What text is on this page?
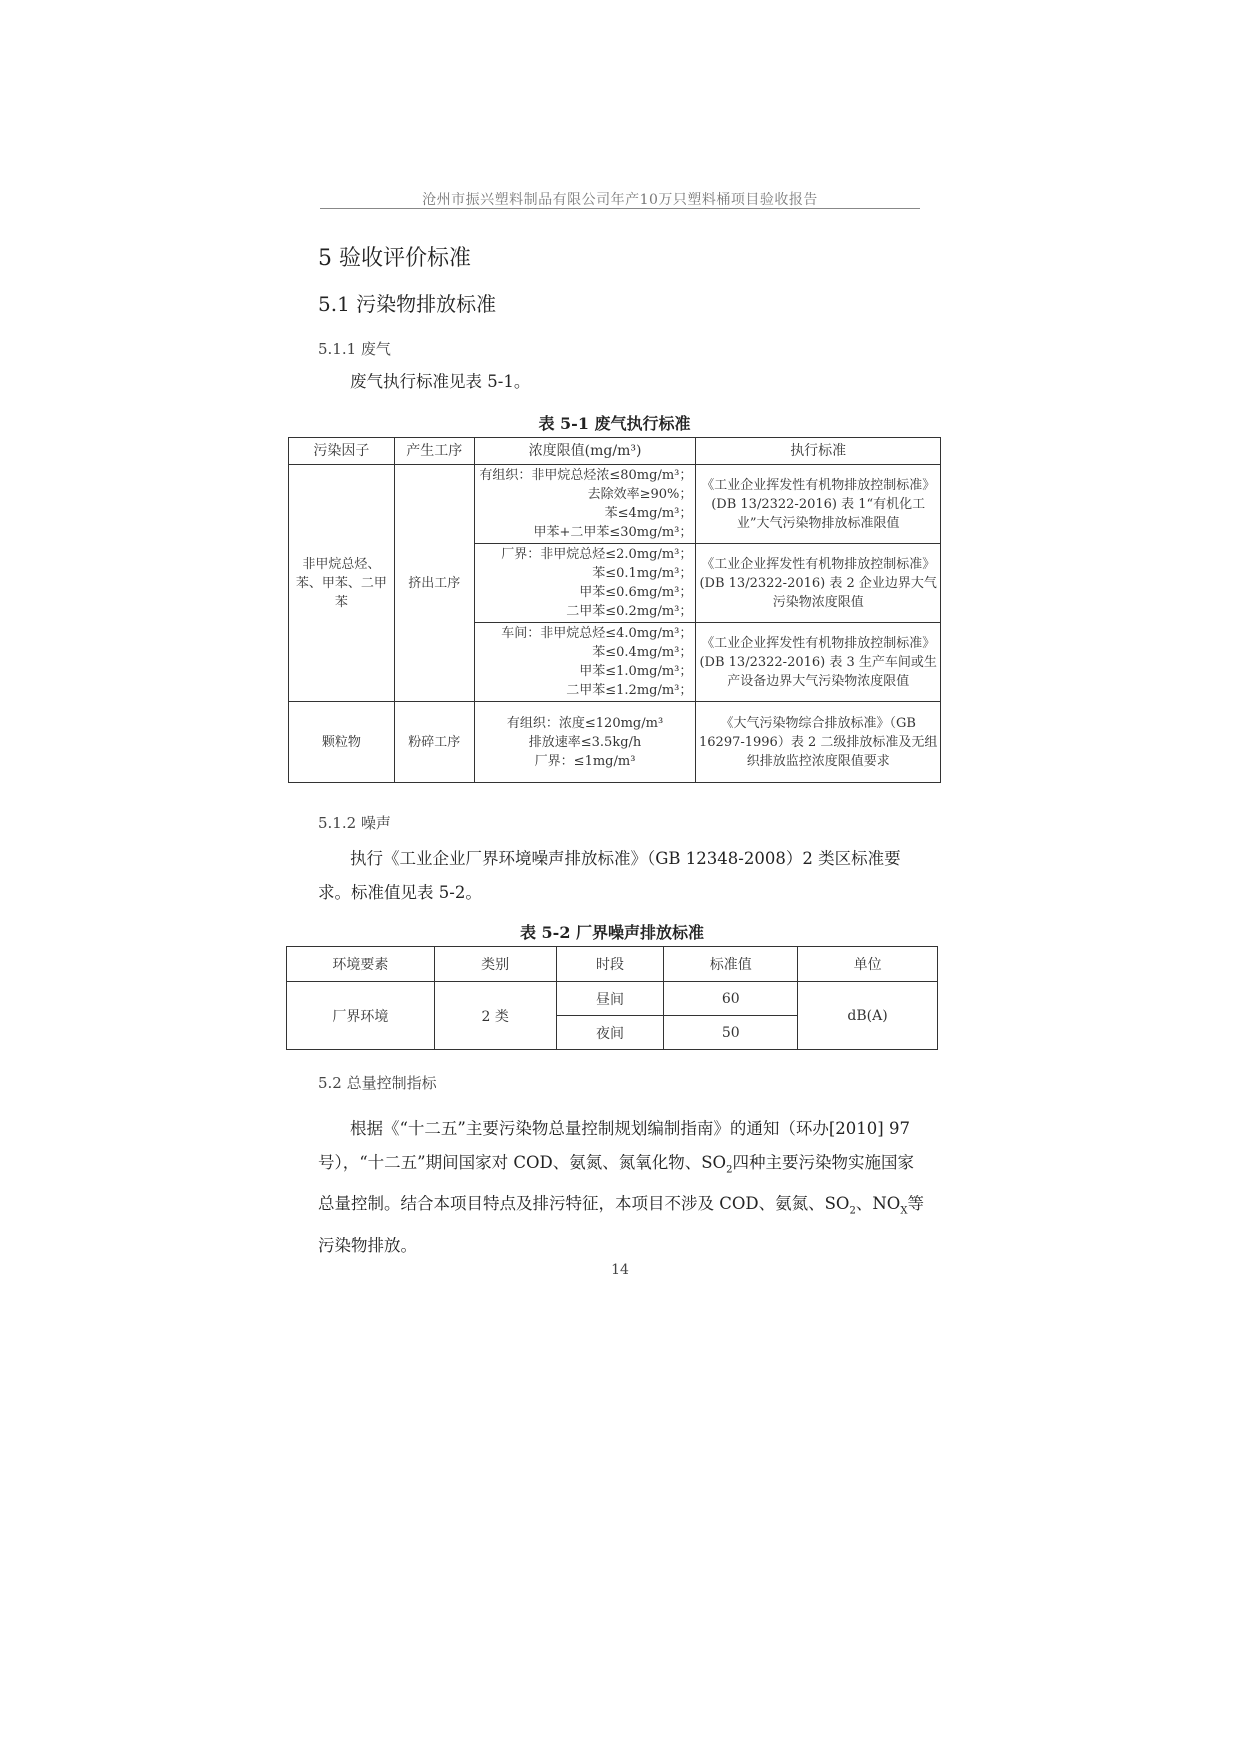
沧州市振兴塑料制品有限公司年产10万只塑料桶项目验收报告
5 验收评价标准
5.1 污染物排放标准
5.1.1 废气
废气执行标准见表 5-1。
表 5-1 废气执行标准
污染因子	产生工序	浓度限值(mg/m³)	执行标准
非甲烷总烃、苯、甲苯、二甲苯	挤出工序	有组织：非甲烷总烃浓≤80mg/m³；
去除效率≥90%；
苯≤4mg/m³；
甲苯+二甲苯≤30mg/m³；	《工业企业挥发性有机物排放控制标准》(DB 13/2322-2016) 表 1“有机化工业”大气污染物排放标准限值
		厂界：非甲烷总烃≤2.0mg/m³；
苯≤0.1mg/m³；
甲苯≤0.6mg/m³；
二甲苯≤0.2mg/m³；	《工业企业挥发性有机物排放控制标准》(DB 13/2322-2016) 表 2 企业边界大气污染物浓度限值
		车间：非甲烷总烃≤4.0mg/m³；
苯≤0.4mg/m³；
甲苯≤1.0mg/m³；
二甲苯≤1.2mg/m³；	《工业企业挥发性有机物排放控制标准》(DB 13/2322-2016) 表 3 生产车间或生产设备边界大气污染物浓度限值
颗粒物	粉碎工序	有组织：浓度≤120mg/m³
排放速率≤3.5kg/h
厂界：≤1mg/m³	《大气污染物综合排放标准》（GB 16297-1996）表 2 二级排放标准及无组织排放监控浓度限值要求
5.1.2 噪声
执行《工业企业厂界环境噪声排放标准》（GB 12348-2008）2 类区标准要求。标准值见表 5-2。
表 5-2 厂界噪声排放标准
环境要素	类别	时段	标准值	单位
厂界环境	2 类	昼间	60	dB(A)
		夜间	50	
5.2 总量控制指标
根据《“十二五”主要污染物总量控制规划编制指南》的通知（环办[2010] 97 号），“十二五”期间国家对 COD、氨氮、氮氧化物、$SO_2$四种主要污染物实施国家总量控制。结合本项目特点及排污特征，本项目不涉及 COD、氨氮、$SO_2$、$NO_X$等污染物排放。
14
